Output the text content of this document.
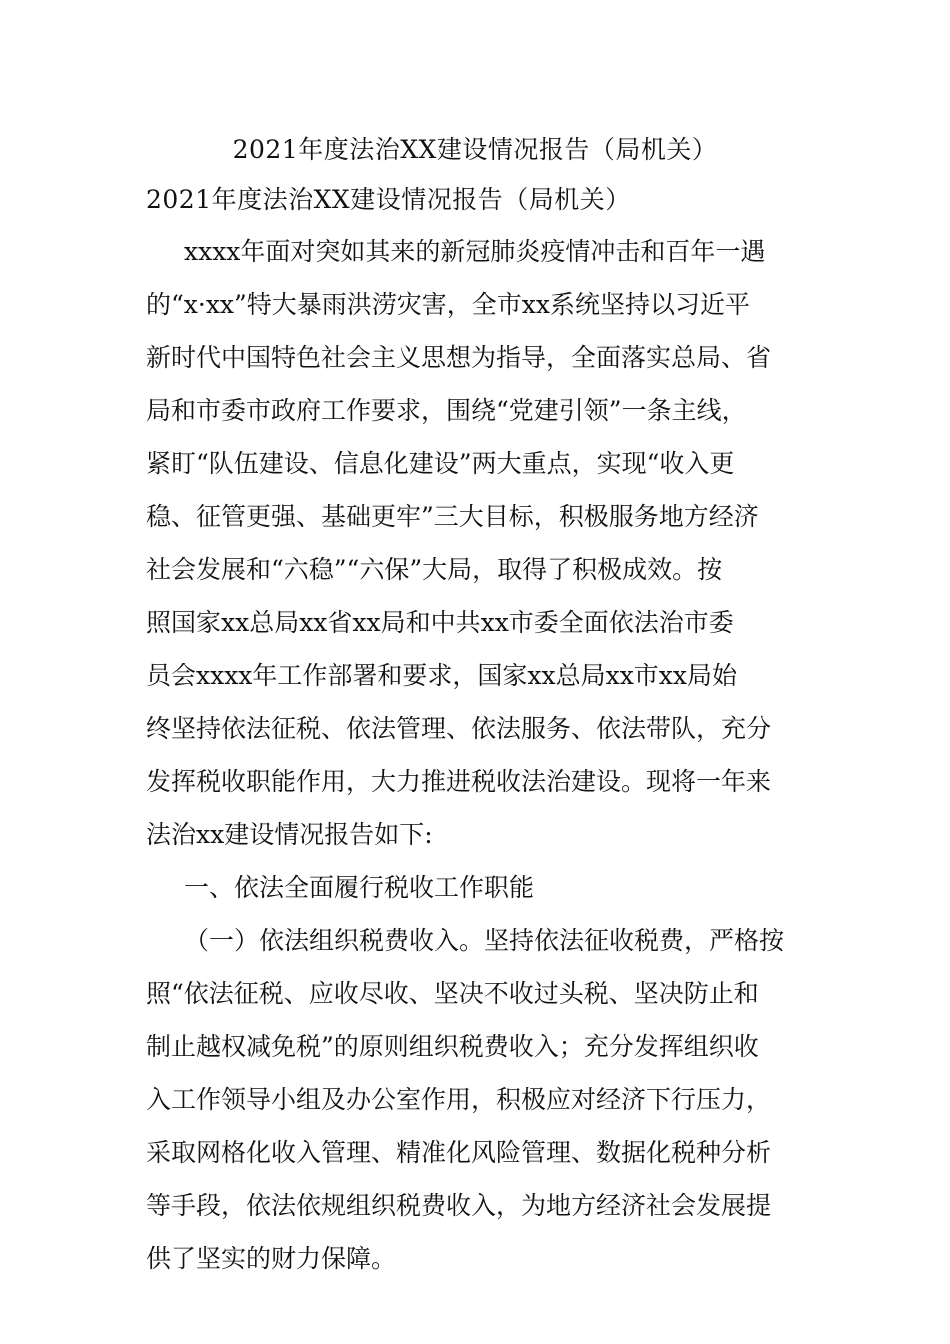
2021年度法治XX建设情况报告（局机关）
2021年度法治XX建设情况报告（局机关）
xxxx年面对突如其来的新冠肺炎疫情冲击和百年一遇
的“x·xx”特大暴雨洪涝灾害，全市xx系统坚持以习近平
新时代中国特色社会主义思想为指导，全面落实总局、省
局和市委市政府工作要求，围绕“党建引领”一条主线，
紧盯“队伍建设、信息化建设”两大重点，实现“收入更
稳、征管更强、基础更牢”三大目标，积极服务地方经济
社会发展和“六稳”“六保”大局，取得了积极成效。按
照国家xx总局xx省xx局和中共xx市委全面依法治市委
员会xxxx年工作部署和要求，国家xx总局xx市xx局始
终坚持依法征税、依法管理、依法服务、依法带队，充分
发挥税收职能作用，大力推进税收法治建设。现将一年来
法治xx建设情况报告如下:
一、依法全面履行税收工作职能
（一）依法组织税费收入。坚持依法征收税费，严格按
照“依法征税、应收尽收、坚决不收过头税、坚决防止和
制止越权减免税”的原则组织税费收入；充分发挥组织收
入工作领导小组及办公室作用，积极应对经济下行压力，
采取网格化收入管理、精准化风险管理、数据化税种分析
等手段，依法依规组织税费收入，为地方经济社会发展提
供了坚实的财力保障。
